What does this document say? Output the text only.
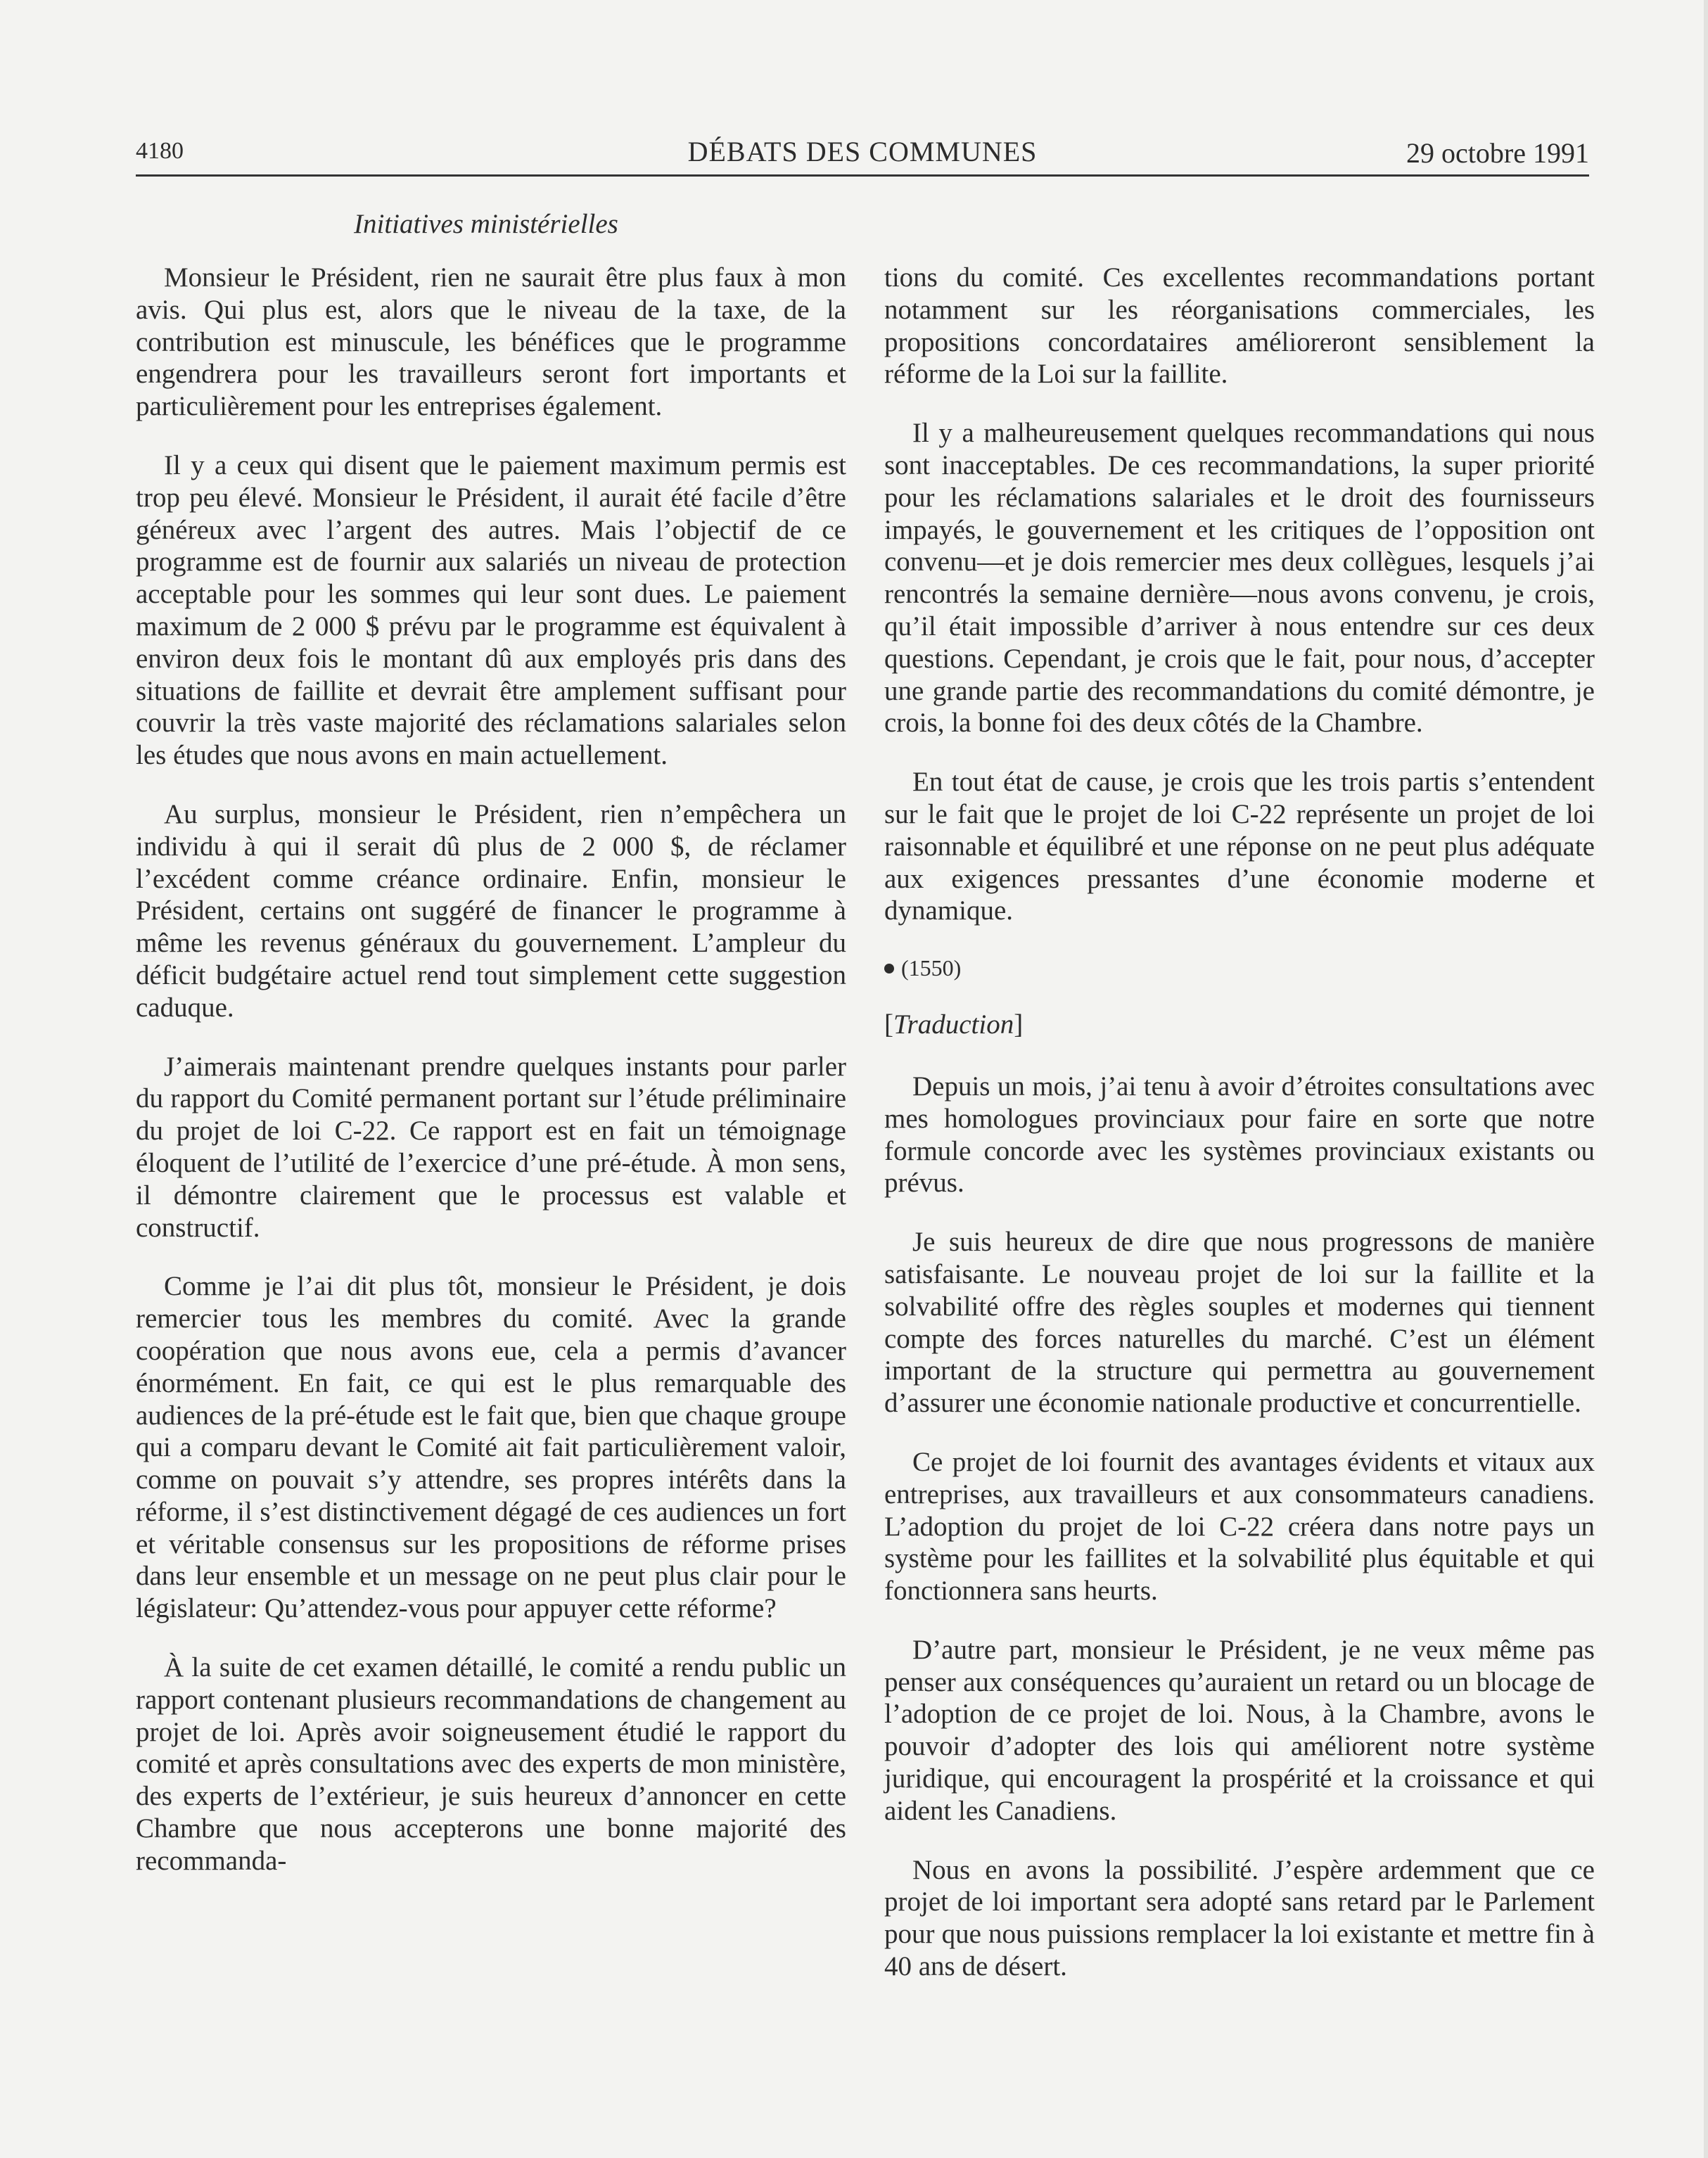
4180	DÉBATS DES COMMUNES	29 octobre 1991
Initiatives ministérielles

Monsieur le Président, rien ne saurait être plus faux à mon avis. Qui plus est, alors que le niveau de la taxe, de la contribution est minuscule, les bénéfices que le programme engendrera pour les travailleurs seront fort importants et particulièrement pour les entreprises également.

Il y a ceux qui disent que le paiement maximum permis est trop peu élevé. Monsieur le Président, il aurait été facile d’être généreux avec l’argent des autres. Mais l’objectif de ce programme est de fournir aux salariés un niveau de protection acceptable pour les sommes qui leur sont dues. Le paiement maximum de 2 000 $ prévu par le programme est équivalent à environ deux fois le montant dû aux employés pris dans des situations de faillite et devrait être amplement suffisant pour couvrir la très vaste majorité des réclamations salariales selon les études que nous avons en main actuellement.

Au surplus, monsieur le Président, rien n’empêchera un individu à qui il serait dû plus de 2 000 $, de réclamer l’excédent comme créance ordinaire. Enfin, monsieur le Président, certains ont suggéré de financer le programme à même les revenus généraux du gouvernement. L’ampleur du déficit budgétaire actuel rend tout simplement cette suggestion caduque.

J’aimerais maintenant prendre quelques instants pour parler du rapport du Comité permanent portant sur l’étude préliminaire du projet de loi C-22. Ce rapport est en fait un témoignage éloquent de l’utilité de l’exercice d’une pré-étude. À mon sens, il démontre clairement que le processus est valable et constructif.

Comme je l’ai dit plus tôt, monsieur le Président, je dois remercier tous les membres du comité. Avec la grande coopération que nous avons eue, cela a permis d’avancer énormément. En fait, ce qui est le plus remarquable des audiences de la pré-étude est le fait que, bien que chaque groupe qui a comparu devant le Comité ait fait particulièrement valoir, comme on pouvait s’y attendre, ses propres intérêts dans la réforme, il s’est distinctivement dégagé de ces audiences un fort et véritable consensus sur les propositions de réforme prises dans leur ensemble et un message on ne peut plus clair pour le législateur: Qu’attendez-vous pour appuyer cette réforme?

À la suite de cet examen détaillé, le comité a rendu public un rapport contenant plusieurs recommandations de changement au projet de loi. Après avoir soigneusement étudié le rapport du comité et après consultations avec des experts de mon ministère, des experts de l’extérieur, je suis heureux d’annoncer en cette Chambre que nous accepterons une bonne majorité des recommanda-

tions du comité. Ces excellentes recommandations portant notamment sur les réorganisations commerciales, les propositions concordataires amélioreront sensiblement la réforme de la Loi sur la faillite.

Il y a malheureusement quelques recommandations qui nous sont inacceptables. De ces recommandations, la super priorité pour les réclamations salariales et le droit des fournisseurs impayés, le gouvernement et les critiques de l’opposition ont convenu—et je dois remercier mes deux collègues, lesquels j’ai rencontrés la semaine dernière—nous avons convenu, je crois, qu’il était impossible d’arriver à nous entendre sur ces deux questions. Cependant, je crois que le fait, pour nous, d’accepter une grande partie des recommandations du comité démontre, je crois, la bonne foi des deux côtés de la Chambre.

En tout état de cause, je crois que les trois partis s’entendent sur le fait que le projet de loi C-22 représente un projet de loi raisonnable et équilibré et une réponse on ne peut plus adéquate aux exigences pressantes d’une économie moderne et dynamique.

(1550)
[Traduction]

Depuis un mois, j’ai tenu à avoir d’étroites consultations avec mes homologues provinciaux pour faire en sorte que notre formule concorde avec les systèmes provinciaux existants ou prévus.

Je suis heureux de dire que nous progressons de manière satisfaisante. Le nouveau projet de loi sur la faillite et la solvabilité offre des règles souples et modernes qui tiennent compte des forces naturelles du marché. C’est un élément important de la structure qui permettra au gouvernement d’assurer une économie nationale productive et concurrentielle.

Ce projet de loi fournit des avantages évidents et vitaux aux entreprises, aux travailleurs et aux consommateurs canadiens. L’adoption du projet de loi C-22 créera dans notre pays un système pour les faillites et la solvabilité plus équitable et qui fonctionnera sans heurts.

D’autre part, monsieur le Président, je ne veux même pas penser aux conséquences qu’auraient un retard ou un blocage de l’adoption de ce projet de loi. Nous, à la Chambre, avons le pouvoir d’adopter des lois qui améliorent notre système juridique, qui encouragent la prospérité et la croissance et qui aident les Canadiens.

Nous en avons la possibilité. J’espère ardemment que ce projet de loi important sera adopté sans retard par le Parlement pour que nous puissions remplacer la loi existante et mettre fin à 40 ans de désert.
